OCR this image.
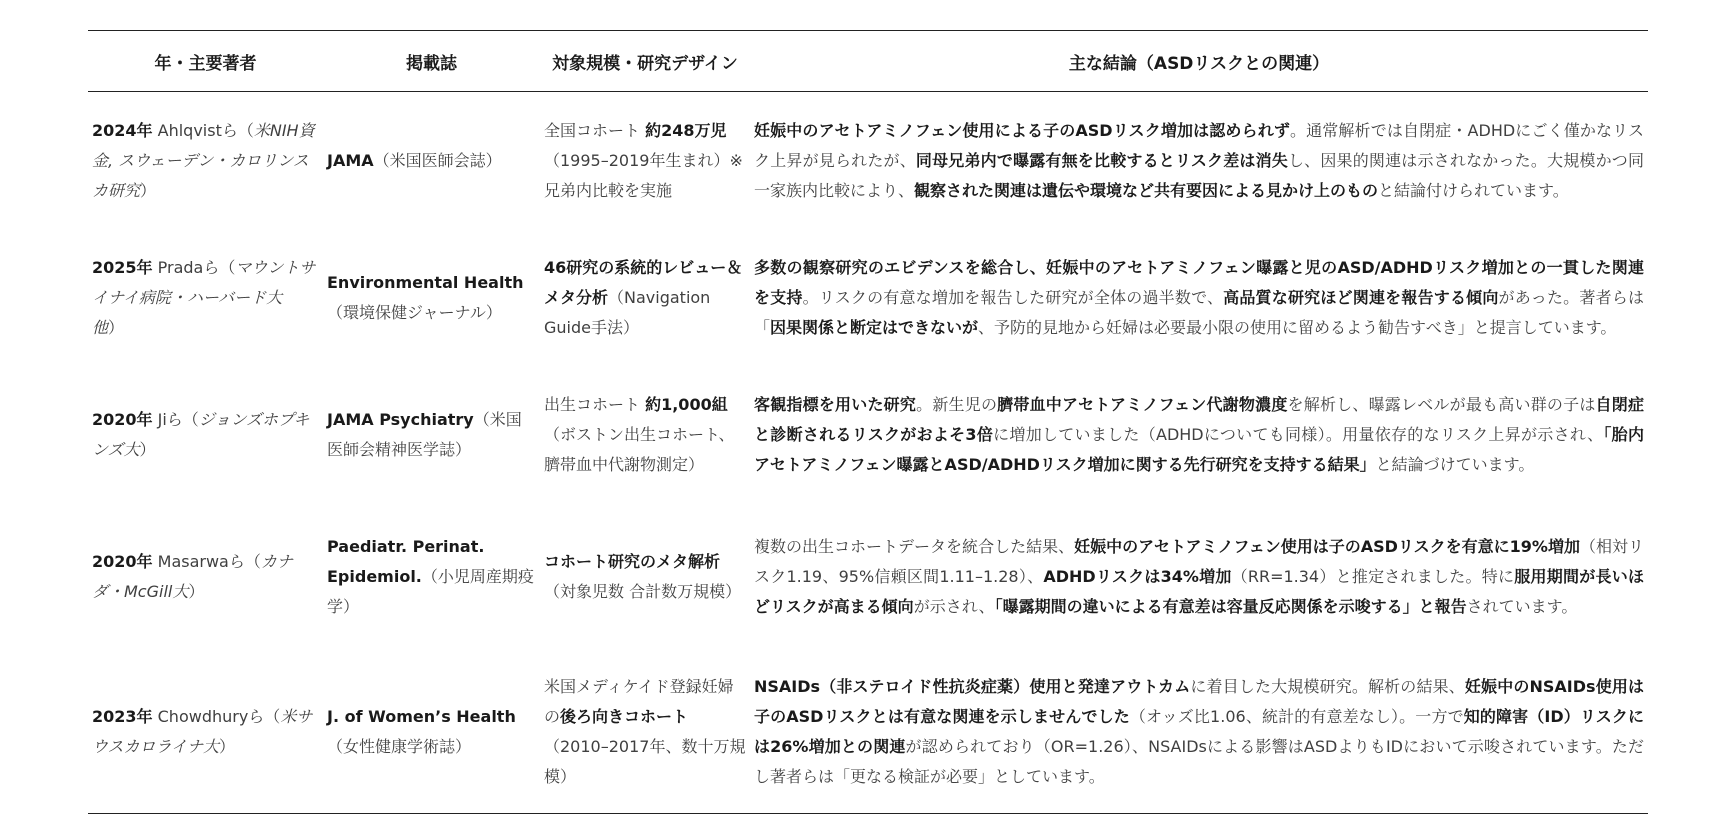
年・主要著者	掲載誌	対象規模・研究デザイン	主な結論（ASDリスクとの関連）
2024年 Ahlqvistら（米NIH資金, スウェーデン・カロリンスカ研究）	JAMA（米国医師会誌）	全国コホート 約248万児（1995–2019年生まれ）※兄弟内比較を実施	妊娠中のアセトアミノフェン使用による子のASDリスク増加は認められず。通常解析では自閉症・ADHDにごく僅かなリスク上昇が見られたが、同母兄弟内で曝露有無を比較するとリスク差は消失し、因果的関連は示されなかった。大規模かつ同一家族内比較により、観察された関連は遺伝や環境など共有要因による見かけ上のものと結論付けられています。
2025年 Pradaら（マウントサイナイ病院・ハーバード大 他）	Environmental Health（環境保健ジャーナル）	46研究の系統的レビュー＆メタ分析（Navigation Guide手法）	多数の観察研究のエビデンスを総合し、妊娠中のアセトアミノフェン曝露と児のASD/ADHDリスク増加との一貫した関連を支持。リスクの有意な増加を報告した研究が全体の過半数で、高品質な研究ほど関連を報告する傾向があった。著者らは「因果関係と断定はできないが、予防的見地から妊婦は必要最小限の使用に留めるよう勧告すべき」と提言しています。
2020年 Jiら（ジョンズホプキンズ大）	JAMA Psychiatry（米国医師会精神医学誌）	出生コホート 約1,000組（ボストン出生コホート、臍帯血中代謝物測定）	客観指標を用いた研究。新生児の臍帯血中アセトアミノフェン代謝物濃度を解析し、曝露レベルが最も高い群の子は自閉症と診断されるリスクがおよそ3倍に増加していました（ADHDについても同様）。用量依存的なリスク上昇が示され、「胎内アセトアミノフェン曝露とASD/ADHDリスク増加に関する先行研究を支持する結果」と結論づけています。
2020年 Masarwaら（カナダ・McGill大）	Paediatr. Perinat. Epidemiol.（小児周産期疫学）	コホート研究のメタ解析（対象児数 合計数万規模）	複数の出生コホートデータを統合した結果、妊娠中のアセトアミノフェン使用は子のASDリスクを有意に19%増加（相対リスク1.19、95%信頼区間1.11–1.28）、ADHDリスクは34%増加（RR=1.34）と推定されました。特に服用期間が長いほどリスクが高まる傾向が示され、「曝露期間の違いによる有意差は容量反応関係を示唆する」と報告されています。
2023年 Chowdhuryら（米サウスカロライナ大）	J. of Women’s Health（女性健康学術誌）	米国メディケイド登録妊婦の後ろ向きコホート（2010–2017年、数十万規模）	NSAIDs（非ステロイド性抗炎症薬）使用と発達アウトカムに着目した大規模研究。解析の結果、妊娠中のNSAIDs使用は子のASDリスクとは有意な関連を示しませんでした（オッズ比1.06、統計的有意差なし）。一方で知的障害（ID）リスクには26%増加との関連が認められており（OR=1.26）、NSAIDsによる影響はASDよりもIDにおいて示唆されています。ただし著者らは「更なる検証が必要」としています。
